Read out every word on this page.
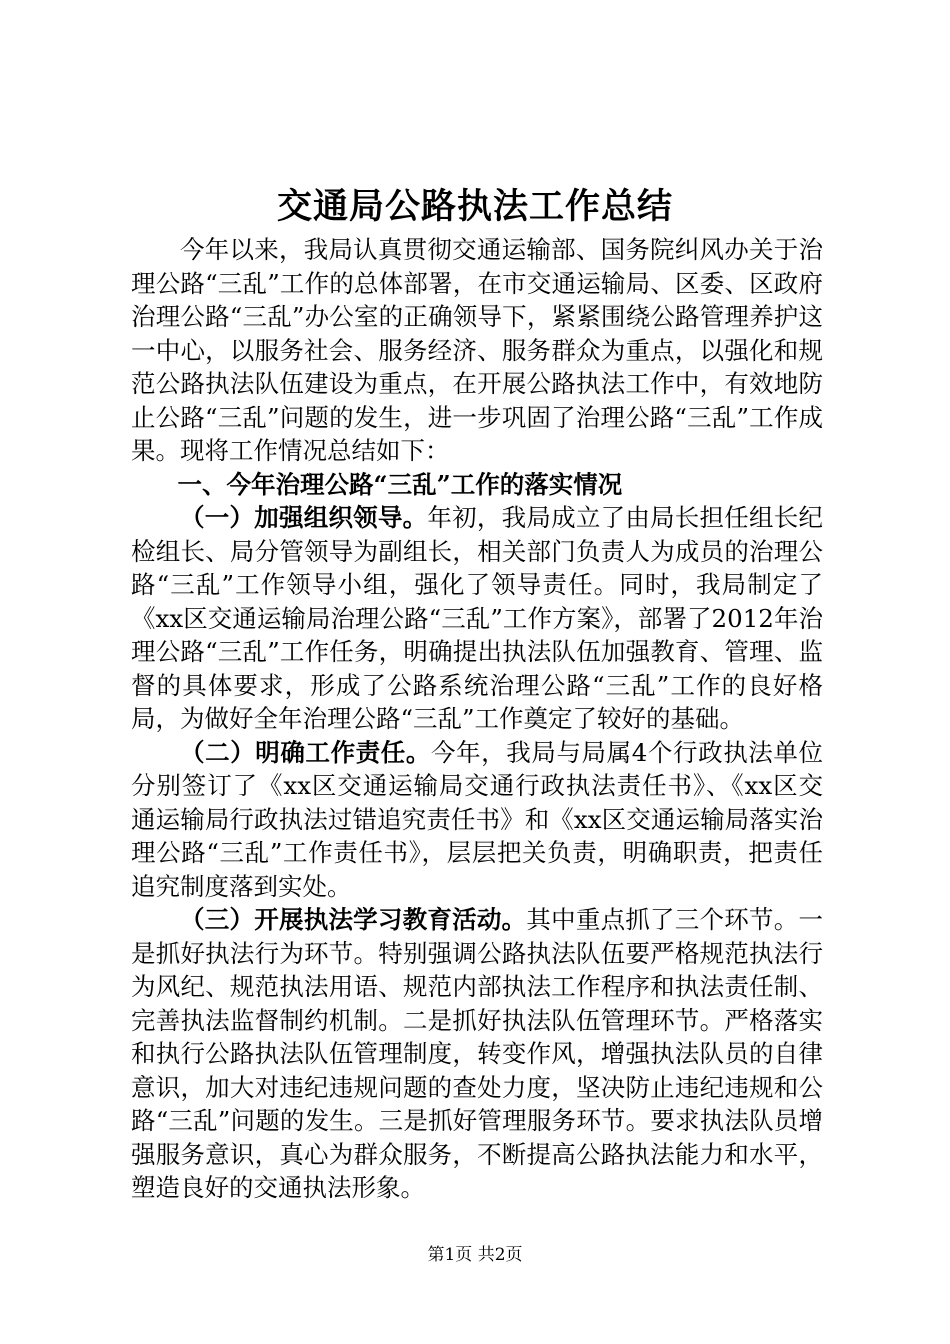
交通局公路执法工作总结

今年以来，我局认真贯彻交通运输部、国务院纠风办关于治理公路“三乱”工作的总体部署，在市交通运输局、区委、区政府治理公路“三乱”办公室的正确领导下，紧紧围绕公路管理养护这一中心，以服务社会、服务经济、服务群众为重点，以强化和规范公路执法队伍建设为重点，在开展公路执法工作中，有效地防止公路“三乱”问题的发生，进一步巩固了治理公路“三乱”工作成果。现将工作情况总结如下：

一、今年治理公路“三乱”工作的落实情况

（一）加强组织领导。年初，我局成立了由局长担任组长纪检组长、局分管领导为副组长，相关部门负责人为成员的治理公路“三乱”工作领导小组，强化了领导责任。同时，我局制定了《xx区交通运输局治理公路“三乱”工作方案》，部署了2012年治理公路“三乱”工作任务，明确提出执法队伍加强教育、管理、监督的具体要求，形成了公路系统治理公路“三乱”工作的良好格局，为做好全年治理公路“三乱”工作奠定了较好的基础。

（二）明确工作责任。今年，我局与局属4个行政执法单位分别签订了《xx区交通运输局交通行政执法责任书》、《xx区交通运输局行政执法过错追究责任书》和《xx区交通运输局落实治理公路“三乱”工作责任书》，层层把关负责，明确职责，把责任追究制度落到实处。

（三）开展执法学习教育活动。其中重点抓了三个环节。一是抓好执法行为环节。特别强调公路执法队伍要严格规范执法行为风纪、规范执法用语、规范内部执法工作程序和执法责任制、完善执法监督制约机制。二是抓好执法队伍管理环节。严格落实和执行公路执法队伍管理制度，转变作风，增强执法队员的自律意识，加大对违纪违规问题的查处力度，坚决防止违纪违规和公路“三乱”问题的发生。三是抓好管理服务环节。要求执法队员增强服务意识，真心为群众服务，不断提高公路执法能力和水平，塑造良好的交通执法形象。

第1页 共2页
